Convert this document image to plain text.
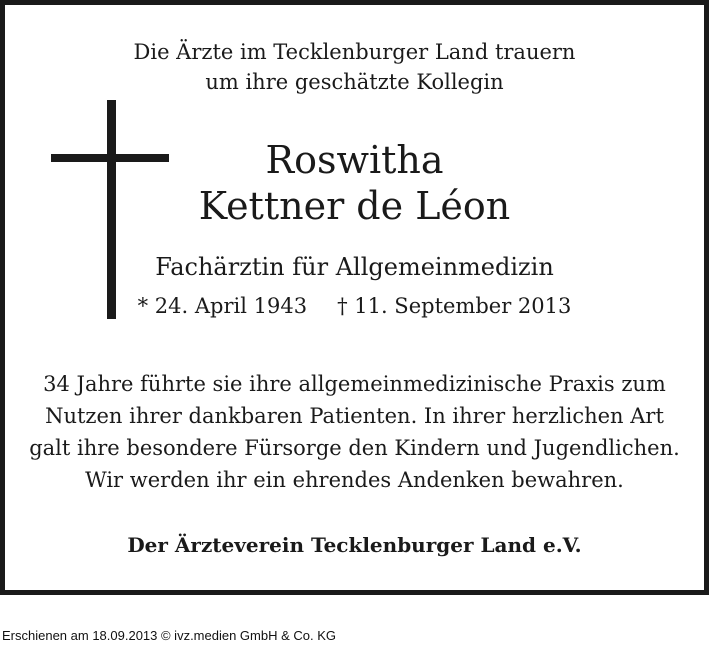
Die Ärzte im Tecklenburger Land trauern
um ihre geschätzte Kollegin
Roswitha
Kettner de Léon
Fachärztin für Allgemeinmedizin
* 24. April 1943 † 11. September 2013
34 Jahre führte sie ihre allgemeinmedizinische Praxis zum
Nutzen ihrer dankbaren Patienten. In ihrer herzlichen Art
galt ihre besondere Fürsorge den Kindern und Jugendlichen.
Wir werden ihr ein ehrendes Andenken bewahren.
Der Ärzteverein Tecklenburger Land e.V.
Erschienen am 18.09.2013 © ivz.medien GmbH & Co. KG
